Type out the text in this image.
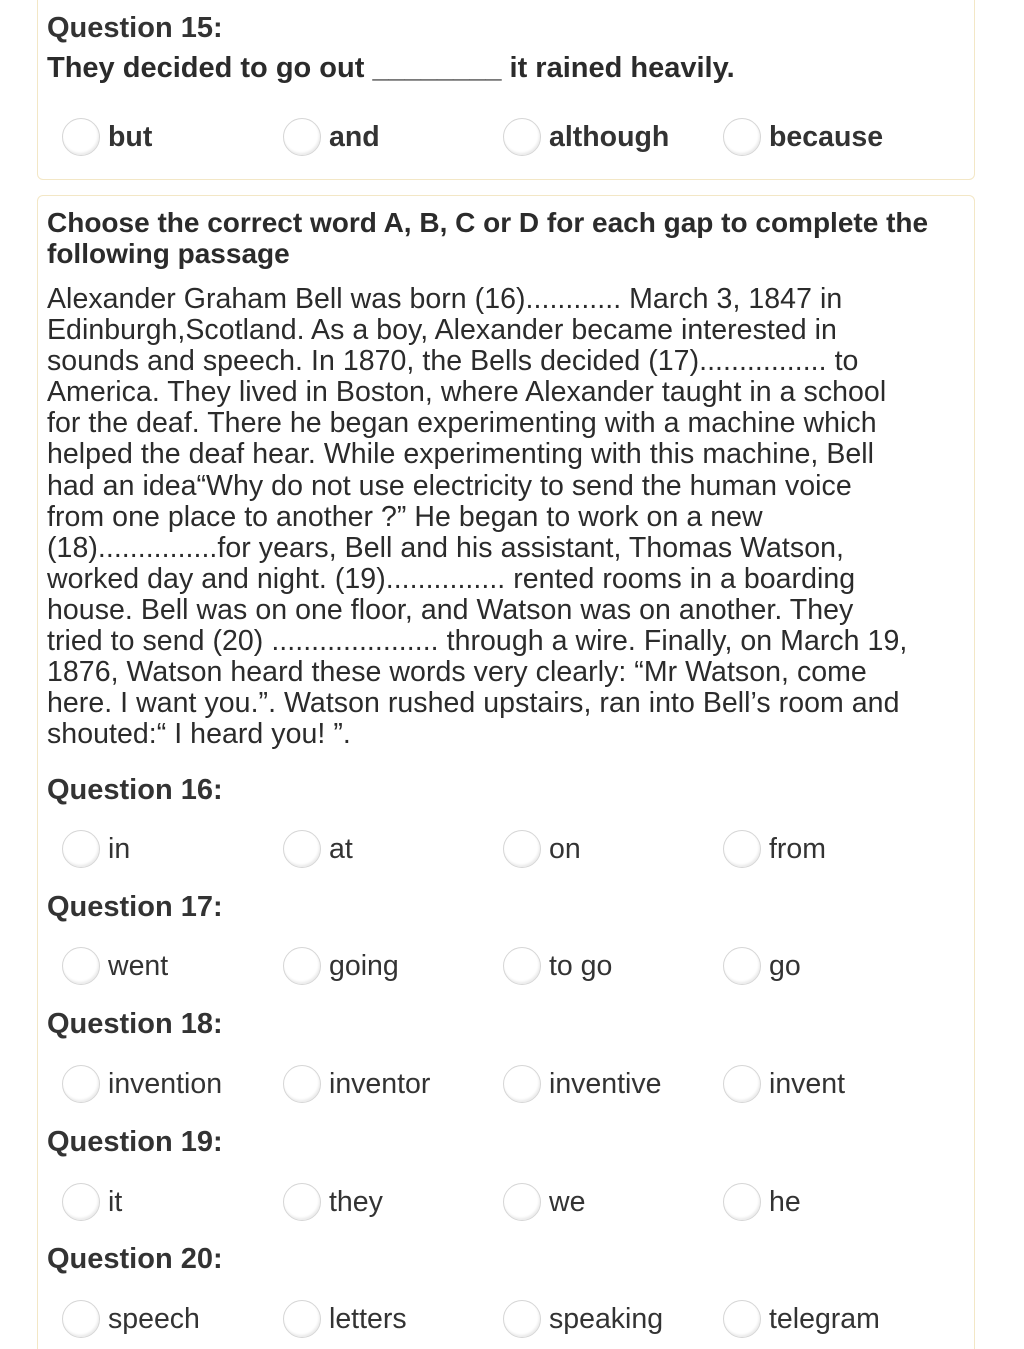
Question 15:
They decided to go out ________ it rained heavily.
but	and	although	because
Choose the correct word A, B, C or D for each gap to complete the following passage
Alexander Graham Bell was born (16)............ March 3, 1847 in
Edinburgh,Scotland. As a boy, Alexander became interested in
sounds and speech. In 1870, the Bells decided (17)................ to
America. They lived in Boston, where Alexander taught in a school
for the deaf. There he began experimenting with a machine which
helped the deaf hear. While experimenting with this machine, Bell
had an idea“Why do not use electricity to send the human voice
from one place to another ?” He began to work on a new
(18)...............for years, Bell and his assistant, Thomas Watson,
worked day and night. (19)............... rented rooms in a boarding
house. Bell was on one floor, and Watson was on another. They
tried to send (20) ..................... through a wire. Finally, on March 19,
1876, Watson heard these words very clearly: “Mr Watson, come
here. I want you.”. Watson rushed upstairs, ran into Bell’s room and
shouted:“ I heard you! ”.
Question 16:
in	at	on	from
Question 17:
went	going	to go	go
Question 18:
invention	inventor	inventive	invent
Question 19:
it	they	we	he
Question 20:
speech	letters	speaking	telegram
